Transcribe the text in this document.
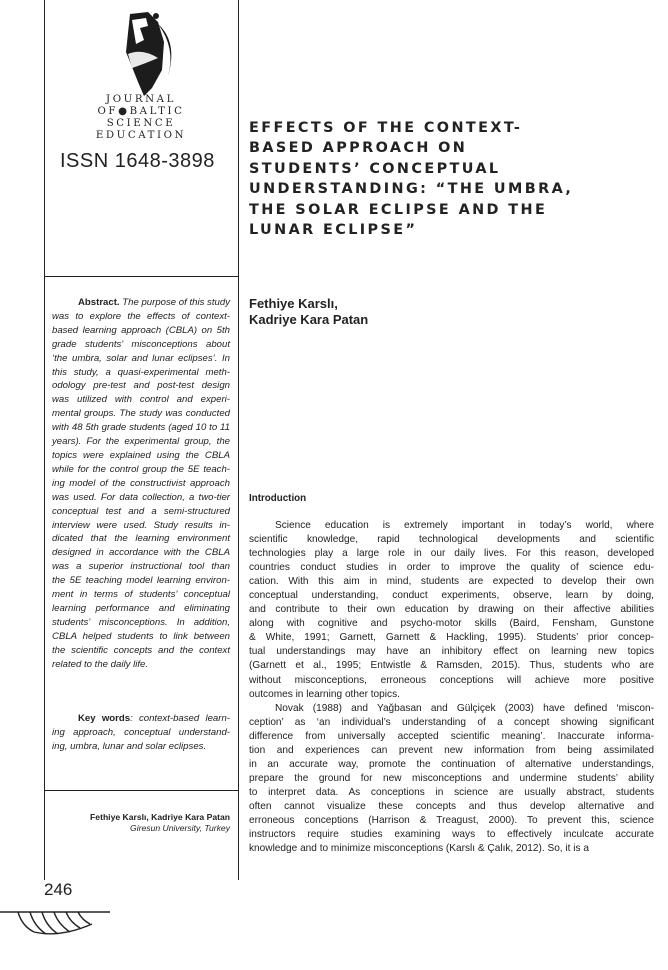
JOURNAL
OF●BALTIC
SCIENCE
EDUCATION
ISSN 1648-3898
EFFECTS OF THE CONTEXT-
BASED APPROACH ON
STUDENTS’ CONCEPTUAL
UNDERSTANDING: “THE UMBRA,
THE SOLAR ECLIPSE AND THE
LUNAR ECLIPSE”
Fethiye Karslı,
Kadriye Kara Patan
Abstract. The purpose of this study
was to explore the effects of context-
based learning approach (CBLA) on 5th
grade students’ misconceptions about
‘the umbra, solar and lunar eclipses’. In
this study, a quasi-experimental meth-
odology pre-test and post-test design
was utilized with control and experi-
mental groups. The study was conducted
with 48 5th grade students (aged 10 to 11
years). For the experimental group, the
topics were explained using the CBLA
while for the control group the 5E teach-
ing model of the constructivist approach
was used. For data collection, a two-tier
conceptual test and a semi-structured
interview were used. Study results in-
dicated that the learning environment
designed in accordance with the CBLA
was a superior instructional tool than
the 5E teaching model learning environ-
ment in terms of students’ conceptual
learning performance and eliminating
students’ misconceptions. In addition,
CBLA helped students to link between
the scientific concepts and the context
related to the daily life.
Key words: context-based learn-
ing approach, conceptual understand-
ing, umbra, lunar and solar eclipses.
Fethiye Karslı, Kadriye Kara Patan
Giresun University, Turkey
Introduction
Science education is extremely important in today’s world, where
scientific knowledge, rapid technological developments and scientific
technologies play a large role in our daily lives. For this reason, developed
countries conduct studies in order to improve the quality of science edu-
cation. With this aim in mind, students are expected to develop their own
conceptual understanding, conduct experiments, observe, learn by doing,
and contribute to their own education by drawing on their affective abilities
along with cognitive and psycho-motor skills (Baird, Fensham, Gunstone
& White, 1991; Garnett, Garnett & Hackling, 1995). Students’ prior concep-
tual understandings may have an inhibitory effect on learning new topics
(Garnett et al., 1995; Entwistle & Ramsden, 2015). Thus, students who are
without misconceptions, erroneous conceptions will achieve more positive
outcomes in learning other topics.
Novak (1988) and Yağbasan and Gülçiçek (2003) have defined ‘miscon-
ception’ as ‘an individual’s understanding of a concept showing significant
difference from universally accepted scientific meaning’. Inaccurate informa-
tion and experiences can prevent new information from being assimilated
in an accurate way, promote the continuation of alternative understandings,
prepare the ground for new misconceptions and undermine students’ ability
to interpret data. As conceptions in science are usually abstract, students
often cannot visualize these concepts and thus develop alternative and
erroneous conceptions (Harrison & Treagust, 2000). To prevent this, science
instructors require studies examining ways to effectively inculcate accurate
knowledge and to minimize misconceptions (Karslı & Çalık, 2012). So, it is a
246
